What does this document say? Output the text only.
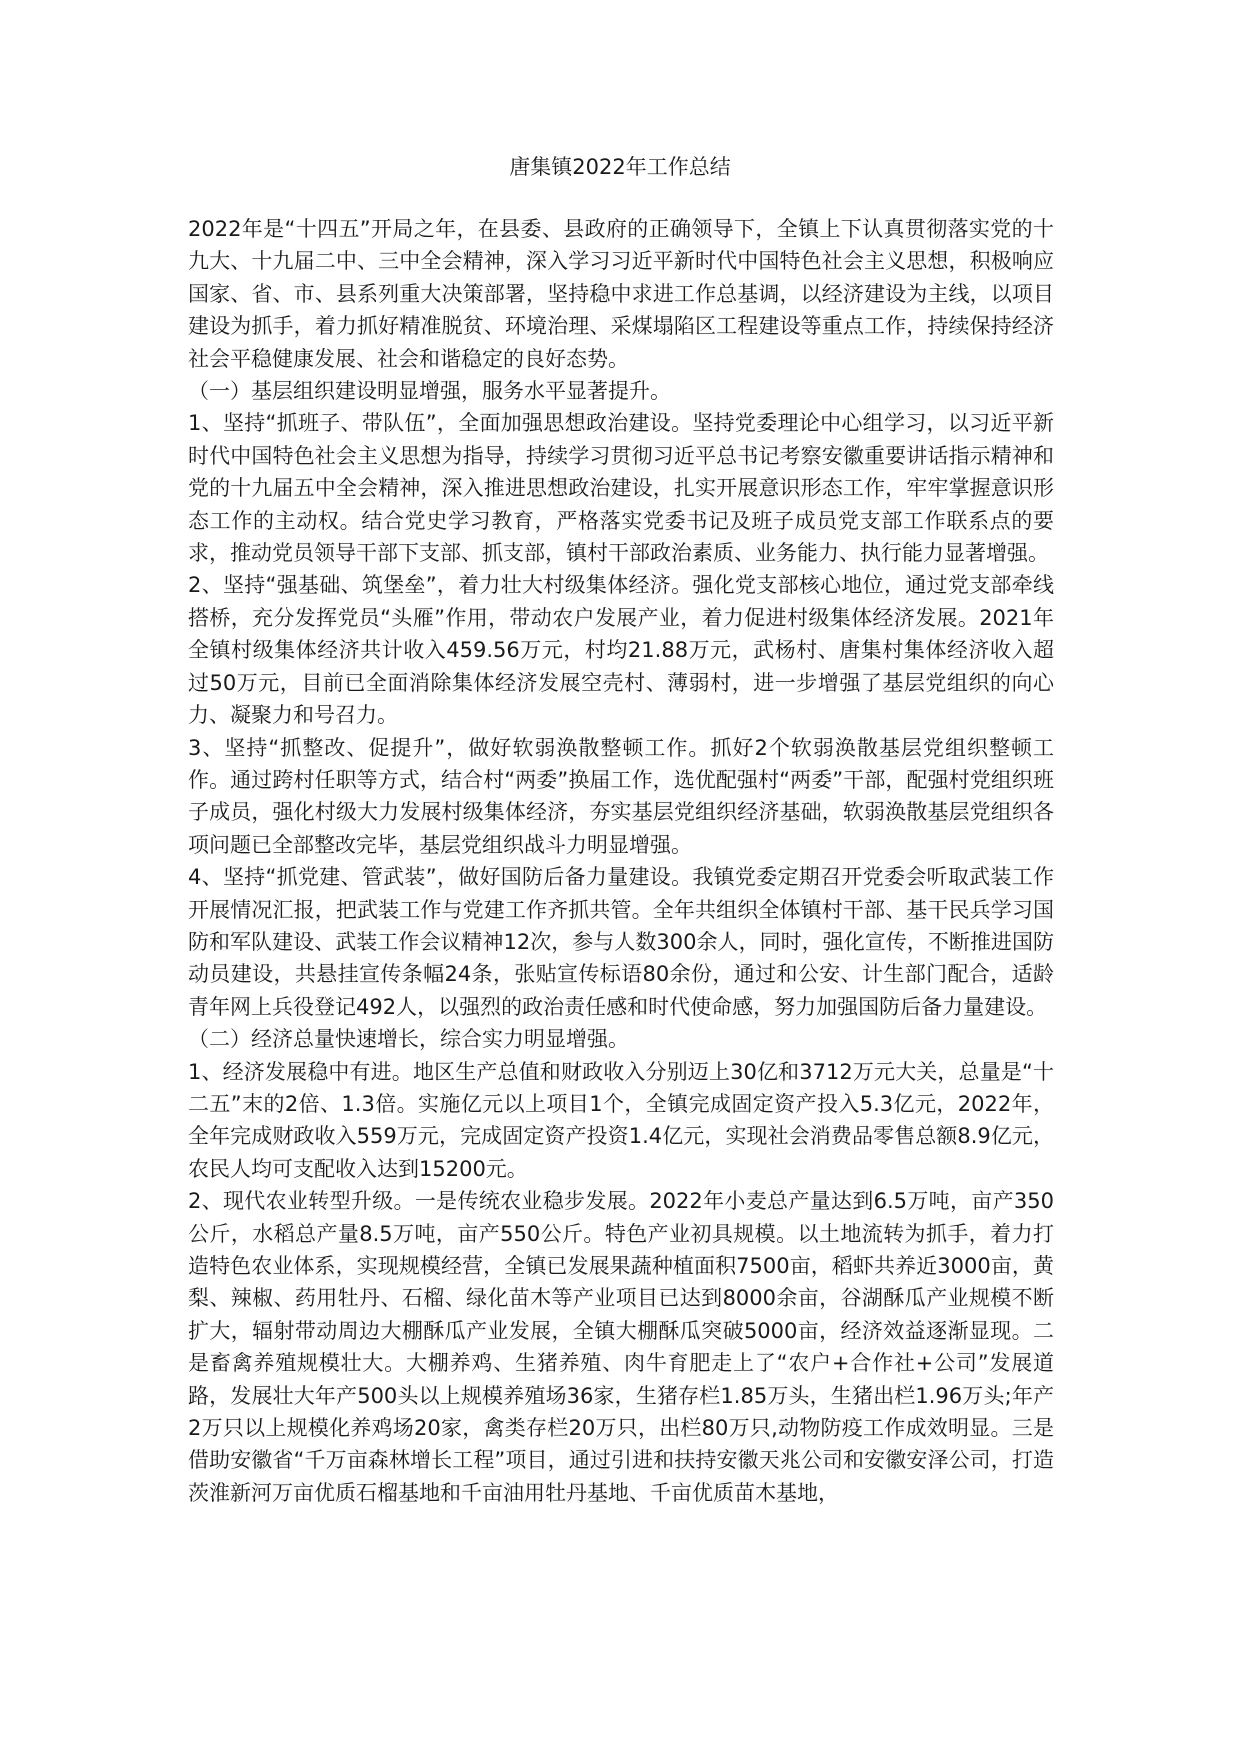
唐集镇2022年工作总结

2022年是“十四五”开局之年，在县委、县政府的正确领导下，全镇上下认真贯彻落实党的十九大、十九届二中、三中全会精神，深入学习习近平新时代中国特色社会主义思想，积极响应国家、省、市、县系列重大决策部署，坚持稳中求进工作总基调，以经济建设为主线，以项目建设为抓手，着力抓好精准脱贫、环境治理、采煤塌陷区工程建设等重点工作，持续保持经济社会平稳健康发展、社会和谐稳定的良好态势。

（一）基层组织建设明显增强，服务水平显著提升。

1、坚持“抓班子、带队伍”，全面加强思想政治建设。坚持党委理论中心组学习，以习近平新时代中国特色社会主义思想为指导，持续学习贯彻习近平总书记考察安徽重要讲话指示精神和党的十九届五中全会精神，深入推进思想政治建设，扎实开展意识形态工作，牢牢掌握意识形态工作的主动权。结合党史学习教育，严格落实党委书记及班子成员党支部工作联系点的要求，推动党员领导干部下支部、抓支部，镇村干部政治素质、业务能力、执行能力显著增强。

2、坚持“强基础、筑堡垒”，着力壮大村级集体经济。强化党支部核心地位，通过党支部牵线搭桥，充分发挥党员“头雁”作用，带动农户发展产业，着力促进村级集体经济发展。2021年全镇村级集体经济共计收入459.56万元，村均21.88万元，武杨村、唐集村集体经济收入超过50万元，目前已全面消除集体经济发展空壳村、薄弱村，进一步增强了基层党组织的向心力、凝聚力和号召力。

3、坚持“抓整改、促提升”，做好软弱涣散整顿工作。抓好2个软弱涣散基层党组织整顿工作。通过跨村任职等方式，结合村“两委”换届工作，选优配强村“两委”干部，配强村党组织班子成员，强化村级大力发展村级集体经济，夯实基层党组织经济基础，软弱涣散基层党组织各项问题已全部整改完毕，基层党组织战斗力明显增强。

4、坚持“抓党建、管武装”，做好国防后备力量建设。我镇党委定期召开党委会听取武装工作开展情况汇报，把武装工作与党建工作齐抓共管。全年共组织全体镇村干部、基干民兵学习国防和军队建设、武装工作会议精神12次，参与人数300余人，同时，强化宣传，不断推进国防动员建设，共悬挂宣传条幅24条，张贴宣传标语80余份，通过和公安、计生部门配合，适龄青年网上兵役登记492人，以强烈的政治责任感和时代使命感，努力加强国防后备力量建设。

（二）经济总量快速增长，综合实力明显增强。

1、经济发展稳中有进。地区生产总值和财政收入分别迈上30亿和3712万元大关，总量是“十二五”末的2倍、1.3倍。实施亿元以上项目1个，全镇完成固定资产投入5.3亿元，2022年，全年完成财政收入559万元，完成固定资产投资1.4亿元，实现社会消费品零售总额8.9亿元，农民人均可支配收入达到15200元。

2、现代农业转型升级。一是传统农业稳步发展。2022年小麦总产量达到6.5万吨，亩产350公斤，水稻总产量8.5万吨，亩产550公斤。特色产业初具规模。以土地流转为抓手，着力打造特色农业体系，实现规模经营，全镇已发展果蔬种植面积7500亩，稻虾共养近3000亩，黄梨、辣椒、药用牡丹、石榴、绿化苗木等产业项目已达到8000余亩，谷湖酥瓜产业规模不断扩大，辐射带动周边大棚酥瓜产业发展，全镇大棚酥瓜突破5000亩，经济效益逐渐显现。二是畜禽养殖规模壮大。大棚养鸡、生猪养殖、肉牛育肥走上了“农户+合作社+公司”发展道路，发展壮大年产500头以上规模养殖场36家，生猪存栏1.85万头，生猪出栏1.96万头;年产2万只以上规模化养鸡场20家，禽类存栏20万只，出栏80万只,动物防疫工作成效明显。三是借助安徽省“千万亩森林增长工程”项目，通过引进和扶持安徽天兆公司和安徽安泽公司，打造茨淮新河万亩优质石榴基地和千亩油用牡丹基地、千亩优质苗木基地，
